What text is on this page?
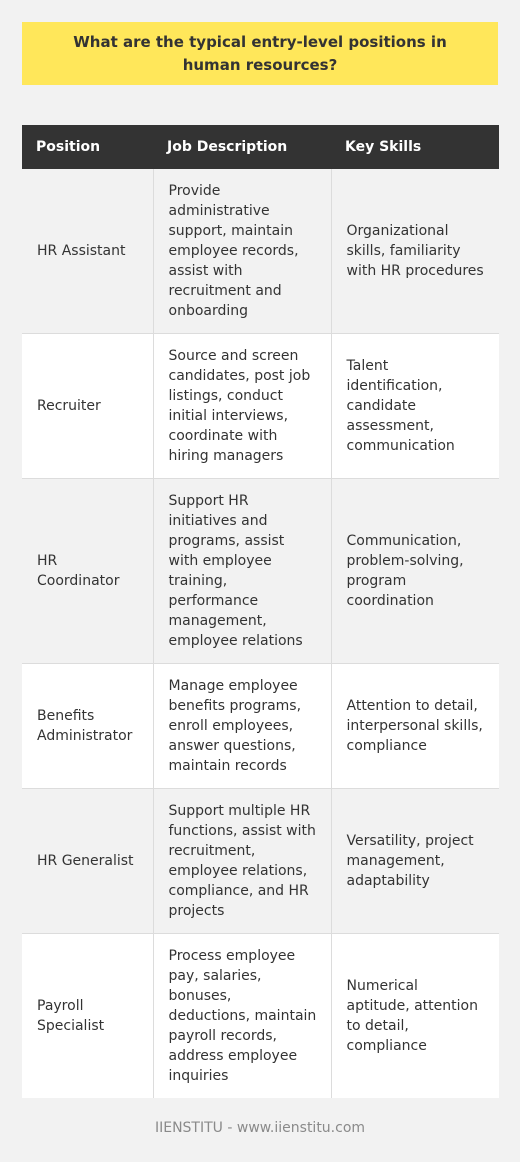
What are the typical entry-level positions in human resources?
Position	Job Description	Key Skills
HR Assistant	Provide administrative support, maintain employee records, assist with recruitment and onboarding	Organizational skills, familiarity with HR procedures
Recruiter	Source and screen candidates, post job listings, conduct initial interviews, coordinate with hiring managers	Talent identification, candidate assessment, communication
HR Coordinator	Support HR initiatives and programs, assist with employee training, performance management, employee relations	Communication, problem-solving, program coordination
Benefits Administrator	Manage employee benefits programs, enroll employees, answer questions, maintain records	Attention to detail, interpersonal skills, compliance
HR Generalist	Support multiple HR functions, assist with recruitment, employee relations, compliance, and HR projects	Versatility, project management, adaptability
Payroll Specialist	Process employee pay, salaries, bonuses, deductions, maintain payroll records, address employee inquiries	Numerical aptitude, attention to detail, compliance
IIENSTITU - www.iienstitu.com
